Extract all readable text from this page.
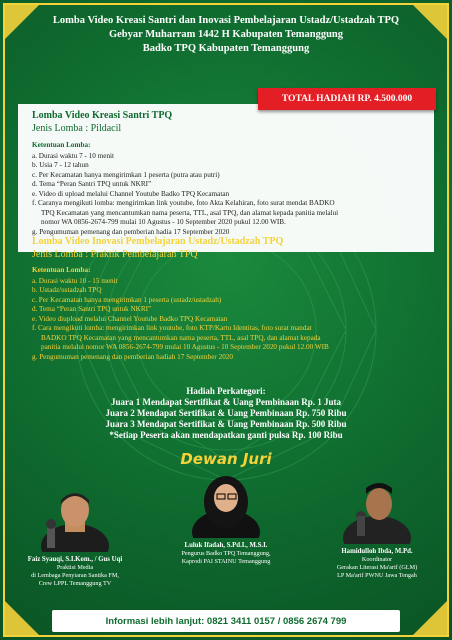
Lomba Video Kreasi Santri dan Inovasi Pembelajaran Ustadz/Ustadzah TPQ
Gebyar Muharram 1442 H Kabupaten Temanggung
Badko TPQ Kabupaten Temanggung
TOTAL HADIAH RP. 4.500.000
Lomba Video Kreasi Santri TPQ
Jenis Lomba : Pildacil
Ketentuan Lomba:
a. Durasi waktu 7 - 10 menit
b. Usia 7 - 12 tahun
c. Per Kecamatan hanya mengirimkan 1 peserta (putra atau putri)
d. Tema “Peran Santri TPQ untuk NKRI”
e. Video di upload melalui Channel Youtube Badko TPQ Kecamatan
f. Caranya mengikuti lomba: mengirimkan link youtube, foto Akta Kelahiran, foto surat mendat BADKO
TPQ Kecamatan yang mencantumkan nama peserta, TTL, asal TPQ, dan alamat kepada panitia melalui
nomor WA 0856-2674-799 mulai 10 Agustus - 10 September 2020 pukul 12.00 WIB.
g. Pengumuman pemenang dan pemberian hadia 17 September 2020
Lomba Video Inovasi Pembelajaran Ustadz/Ustadzah TPQ
Jenis Lomba : Praktik Pembelajaran TPQ
Ketentuan Lomba:
a. Durasi waktu 10 - 15 menit
b. Ustadz/ustadzah TPQ
c. Per Kecamatan hanya mengirimkan 1 peserta (ustadz/ustadzah)
d. Tema “Peran Santri TPQ untuk NKRI”
e. Video diupload melalui Channel Youtube Badko TPQ Kecamatan
f. Cara mengikuti lomba: mengirimkan link youtube, foto KTP/Kartu Identitas, foto surat mandat
BADKO TPQ Kecamatan yang mencantumkan nama peserta, TTL, asal TPQ, dan alamat kepada
panitia melalui nomor WA 0856-2674-799 mulai 10 Agustus - 10 September 2020 pukul 12.00 WIB
g. Pengumuman pemenang dan pemberian hadiah 17 September 2020
Hadiah Perkategori:
Juara 1 Mendapat Sertifikat & Uang Pembinaan Rp. 1 Juta
Juara 2 Mendapat Sertifikat & Uang Pembinaan Rp. 750 Ribu
Juara 3 Mendapat Sertifikat & Uang Pembinaan Rp. 500 Ribu
*Setiap Peserta akan mendapatkan ganti pulsa Rp. 100 Ribu
Dewan Juri
Faiz Syauqi, S.I.Kom., / Gus Uqi
Praktisi Media
di Lembaga Penyiaran Santika FM,
Crew LPPL Temanggung TV
Luluk Ifadah, S.Pd.I., M.S.I.
Pengurus Badko TPQ Temanggung,
Kaprodi PAI STAINU Temanggung
Hamidulloh Ibda, M.Pd.
Koordinator
Gerakan Literasi Ma'arif (GLM)
LP Ma'arif PWNU Jawa Tengah
Informasi lebih lanjut: 0821 3411 0157 / 0856 2674 799
